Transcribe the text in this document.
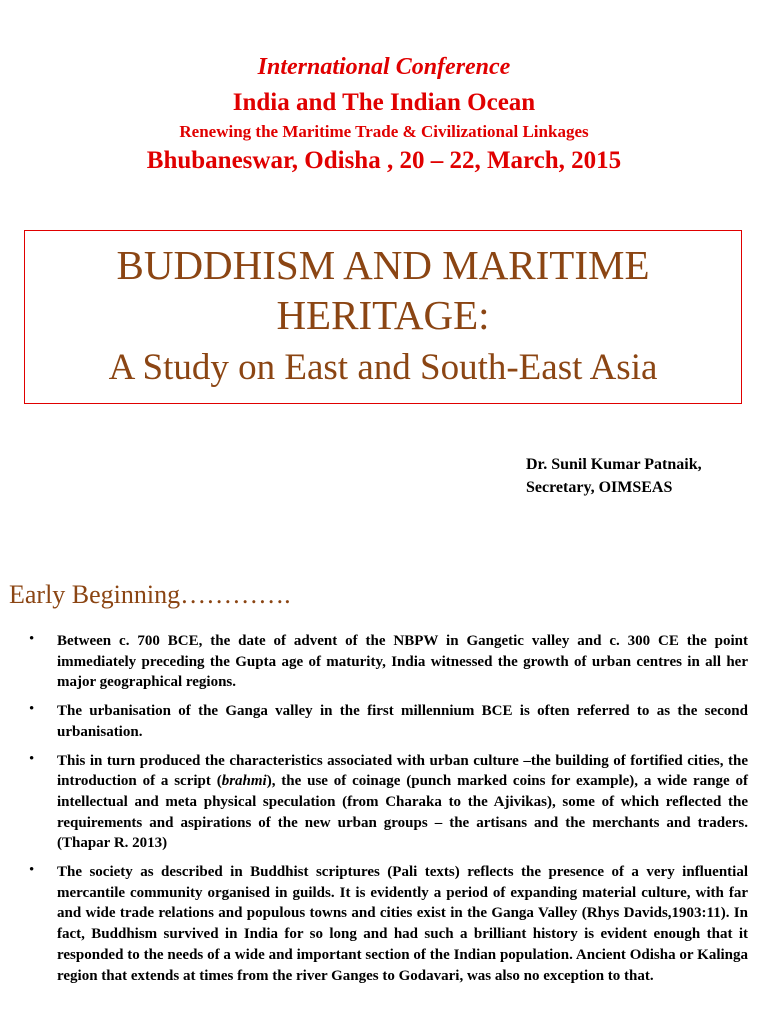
International Conference
India and The Indian Ocean
Renewing the Maritime Trade & Civilizational Linkages
Bhubaneswar, Odisha , 20 – 22, March, 2015
BUDDHISM AND MARITIME
HERITAGE:
A Study on East and South-East Asia
Dr. Sunil Kumar Patnaik,
Secretary, OIMSEAS
Early Beginning………….
• Between c. 700 BCE, the date of advent of the NBPW in Gangetic valley and c. 300 CE the point immediately preceding the Gupta age of maturity, India witnessed the growth of urban centres in all her major geographical regions.
• The urbanisation of the Ganga valley in the first millennium BCE is often referred to as the second urbanisation.
• This in turn produced the characteristics associated with urban culture –the building of fortified cities, the introduction of a script (brahmi), the use of coinage (punch marked coins for example), a wide range of intellectual and meta physical speculation (from Charaka to the Ajivikas), some of which reflected the requirements and aspirations of the new urban groups – the artisans and the merchants and traders.(Thapar R. 2013)
• The society as described in Buddhist scriptures (Pali texts) reflects the presence of a very influential mercantile community organised in guilds. It is evidently a period of expanding material culture, with far and wide trade relations and populous towns and cities exist in the Ganga Valley (Rhys Davids,1903:11). In fact, Buddhism survived in India for so long and had such a brilliant history is evident enough that it responded to the needs of a wide and important section of the Indian population. Ancient Odisha or Kalinga region that extends at times from the river Ganges to Godavari, was also no exception to that.
